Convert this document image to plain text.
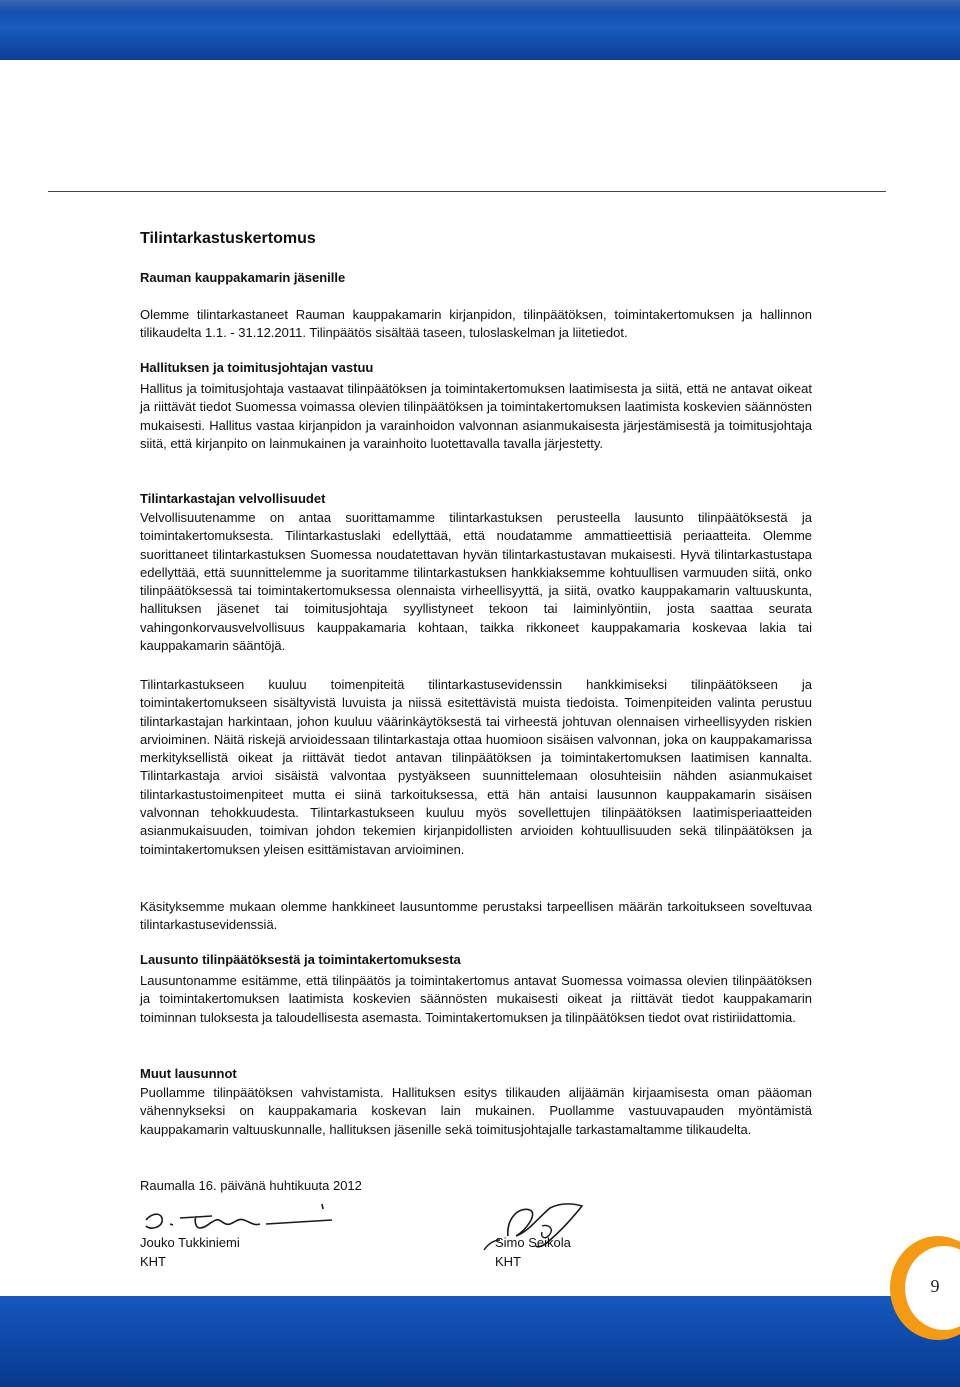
Tilintarkastuskertomus

Rauman kauppakamarin jäsenille

Olemme tilintarkastaneet Rauman kauppakamarin kirjanpidon, tilinpäätöksen, toimintakertomuksen ja hallinnon tilikaudelta 1.1. - 31.12.2011. Tilinpäätös sisältää taseen, tuloslaskelman ja liitetiedot.

Hallituksen ja toimitusjohtajan vastuu

Hallitus ja toimitusjohtaja vastaavat tilinpäätöksen ja toimintakertomuksen laatimisesta ja siitä, että ne antavat oikeat ja riittävät tiedot Suomessa voimassa olevien tilinpäätöksen ja toimintakertomuksen laatimista koskevien säännösten mukaisesti. Hallitus vastaa kirjanpidon ja varainhoidon valvonnan asianmukaisesta järjestämisestä ja toimitusjohtaja siitä, että kirjanpito on lainmukainen ja varainhoito luotettavalla tavalla järjestetty.

Tilintarkastajan velvollisuudet

Velvollisuutenamme on antaa suorittamamme tilintarkastuksen perusteella lausunto tilinpäätöksestä ja toimintakertomuksesta. Tilintarkastuslaki edellyttää, että noudatamme ammattieettisiä periaatteita. Olemme suorittaneet tilintarkastuksen Suomessa noudatettavan hyvän tilintarkastustavan mukaisesti. Hyvä tilintarkastustapa edellyttää, että suunnittelemme ja suoritamme tilintarkastuksen hankkiaksemme kohtuullisen varmuuden siitä, onko tilinpäätöksessä tai toimintakertomuksessa olennaista virheellisyyttä, ja siitä, ovatko kauppakamarin valtuuskunta, hallituksen jäsenet tai toimitusjohtaja syyllistyneet tekoon tai laiminlyöntiin, josta saattaa seurata vahingonkorvausvelvollisuus kauppakamaria kohtaan, taikka rikkoneet kauppakamaria koskevaa lakia tai kauppakamarin sääntöjä.

Tilintarkastukseen kuuluu toimenpiteitä tilintarkastusevidenssin hankkimiseksi tilinpäätökseen ja toimintakertomukseen sisältyvistä luvuista ja niissä esitettävistä muista tiedoista. Toimenpiteiden valinta perustuu tilintarkastajan harkintaan, johon kuuluu väärinkäytöksestä tai virheestä johtuvan olennaisen virheellisyyden riskien arvioiminen. Näitä riskejä arvioidessaan tilintarkastaja ottaa huomioon sisäisen valvonnan, joka on kauppakamarissa merkityksellistä oikeat ja riittävät tiedot antavan tilinpäätöksen ja toimintakertomuksen laatimisen kannalta. Tilintarkastaja arvioi sisäistä valvontaa pystyäkseen suunnittelemaan olosuhteisiin nähden asianmukaiset tilintarkastustoimenpiteet mutta ei siinä tarkoituksessa, että hän antaisi lausunnon kauppakamarin sisäisen valvonnan tehokkuudesta. Tilintarkastukseen kuuluu myös sovellettujen tilinpäätöksen laatimisperiaatteiden asianmukaisuuden, toimivan johdon tekemien kirjanpidollisten arvioiden kohtuullisuuden sekä tilinpäätöksen ja toimintakertomuksen yleisen esittämistavan arvioiminen.

Käsityksemme mukaan olemme hankkineet lausuntomme perustaksi tarpeellisen määrän tarkoitukseen soveltuvaa tilintarkastusevidenssiä.

Lausunto tilinpäätöksestä ja toimintakertomuksesta

Lausuntonamme esitämme, että tilinpäätös ja toimintakertomus antavat Suomessa voimassa olevien tilinpäätöksen ja toimintakertomuksen laatimista koskevien säännösten mukaisesti oikeat ja riittävät tiedot kauppakamarin toiminnan tuloksesta ja taloudellisesta asemasta. Toimintakertomuksen ja tilinpäätöksen tiedot ovat ristiriidattomia.

Muut lausunnot

Puollamme tilinpäätöksen vahvistamista. Hallituksen esitys tilikauden alijäämän kirjaamisesta oman pääoman vähennykseksi on kauppakamaria koskevan lain mukainen. Puollamme vastuuvapauden myöntämistä kauppakamarin valtuuskunnalle, hallituksen jäsenille sekä toimitusjohtajalle tarkastamaltamme tilikaudelta.

Raumalla 16. päivänä huhtikuuta 2012

Jouko Tukkiniemi
KHT
Simo Seikola
KHT
9
